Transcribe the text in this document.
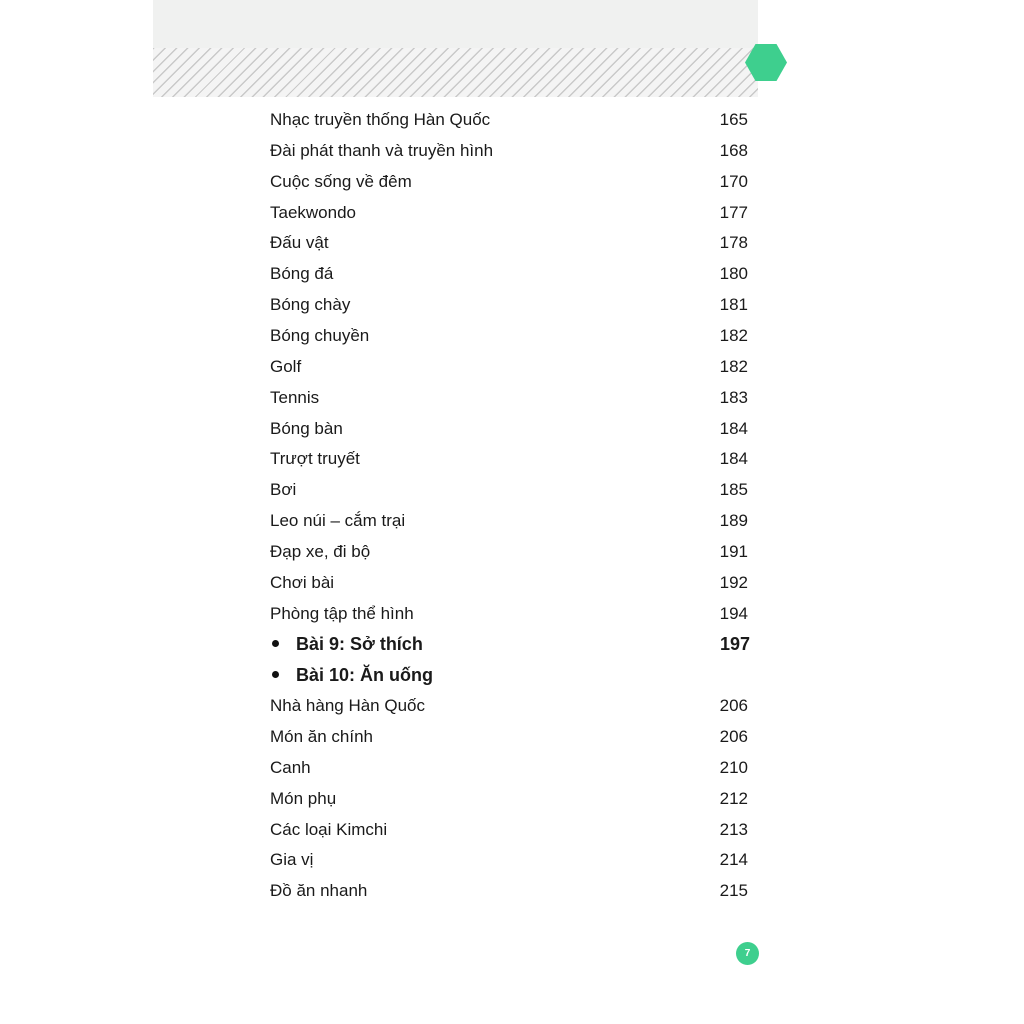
Nhạc truyền thống Hàn Quốc	165
Đài phát thanh và truyền hình	168
Cuộc sống về đêm	170
Taekwondo	177
Đấu vật	178
Bóng đá	180
Bóng chày	181
Bóng chuyền	182
Golf	182
Tennis	183
Bóng bàn	184
Trượt truyết	184
Bơi	185
Leo núi – cắm trại	189
Đạp xe, đi bộ	191
Chơi bài	192
Phòng tập thể hình	194
Bài 9: Sở thích	197
Bài 10: Ăn uống
Nhà hàng Hàn Quốc	206
Món ăn chính	206
Canh	210
Món phụ	212
Các loại Kimchi	213
Gia vị	214
Đồ ăn nhanh	215
7
